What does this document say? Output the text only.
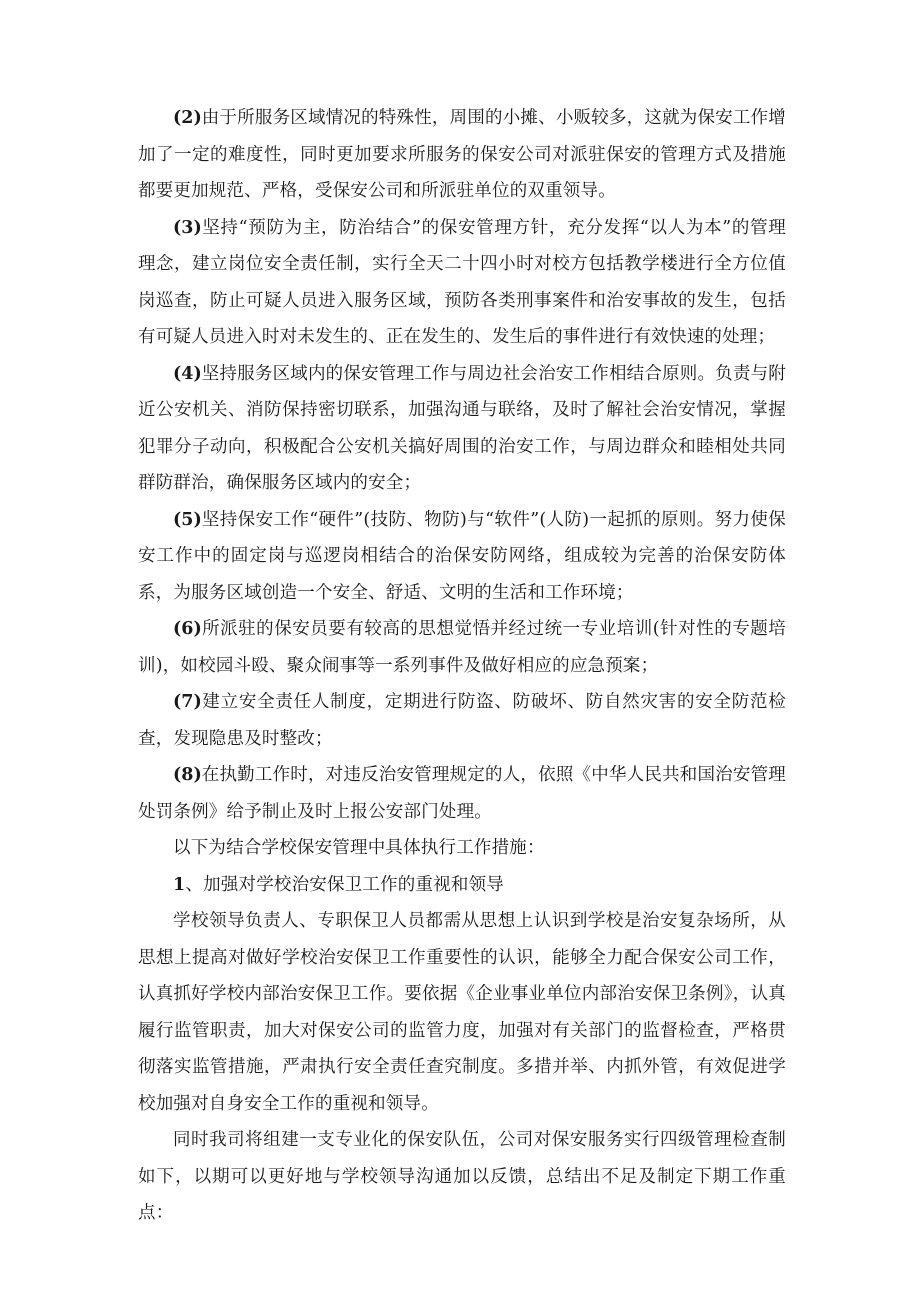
(2)由于所服务区域情况的特殊性，周围的小摊、小贩较多，这就为保安工作增加了一定的难度性，同时更加要求所服务的保安公司对派驻保安的管理方式及措施都要更加规范、严格，受保安公司和所派驻单位的双重领导。

(3)坚持“预防为主，防治结合”的保安管理方针，充分发挥“以人为本”的管理理念，建立岗位安全责任制，实行全天二十四小时对校方包括教学楼进行全方位值岗巡查，防止可疑人员进入服务区域，预防各类刑事案件和治安事故的发生，包括有可疑人员进入时对未发生的、正在发生的、发生后的事件进行有效快速的处理；

(4)坚持服务区域内的保安管理工作与周边社会治安工作相结合原则。负责与附近公安机关、消防保持密切联系，加强沟通与联络，及时了解社会治安情况，掌握犯罪分子动向，积极配合公安机关搞好周围的治安工作，与周边群众和睦相处共同群防群治，确保服务区域内的安全；

(5)坚持保安工作“硬件”(技防、物防)与“软件”(人防)一起抓的原则。努力使保安工作中的固定岗与巡逻岗相结合的治保安防网络，组成较为完善的治保安防体系，为服务区域创造一个安全、舒适、文明的生活和工作环境；

(6)所派驻的保安员要有较高的思想觉悟并经过统一专业培训(针对性的专题培训)，如校园斗殴、聚众闹事等一系列事件及做好相应的应急预案；

(7)建立安全责任人制度，定期进行防盗、防破坏、防自然灾害的安全防范检查，发现隐患及时整改；

(8)在执勤工作时，对违反治安管理规定的人，依照《中华人民共和国治安管理处罚条例》给予制止及时上报公安部门处理。

以下为结合学校保安管理中具体执行工作措施：

1、加强对学校治安保卫工作的重视和领导

学校领导负责人、专职保卫人员都需从思想上认识到学校是治安复杂场所，从思想上提高对做好学校治安保卫工作重要性的认识，能够全力配合保安公司工作，认真抓好学校内部治安保卫工作。要依据《企业事业单位内部治安保卫条例》，认真履行监管职责，加大对保安公司的监管力度，加强对有关部门的监督检查，严格贯彻落实监管措施，严肃执行安全责任查究制度。多措并举、内抓外管，有效促进学校加强对自身安全工作的重视和领导。

同时我司将组建一支专业化的保安队伍，公司对保安服务实行四级管理检查制如下，以期可以更好地与学校领导沟通加以反馈，总结出不足及制定下期工作重点：
